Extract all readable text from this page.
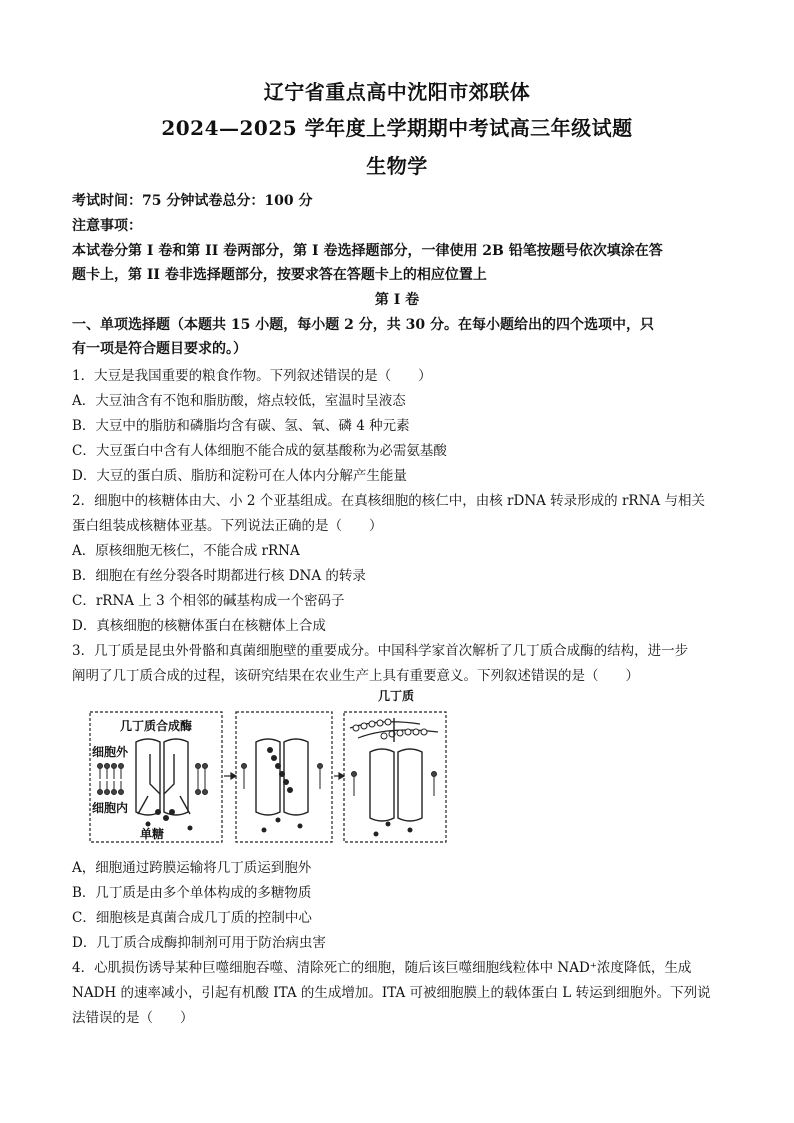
辽宁省重点高中沈阳市郊联体
2024—2025 学年度上学期期中考试高三年级试题
生物学
考试时间：75 分钟试卷总分：100 分
注意事项：
本试卷分第 I 卷和第 II 卷两部分，第 I 卷选择题部分，一律使用 2B 铅笔按题号依次填涂在答
题卡上，第 II 卷非选择题部分，按要求答在答题卡上的相应位置上
第 I 卷
一、单项选择题（本题共 15 小题，每小题 2 分，共 30 分。在每小题给出的四个选项中，只
有一项是符合题目要求的。）
1．大豆是我国重要的粮食作物。下列叙述错误的是（　　）
A．大豆油含有不饱和脂肪酸，熔点较低，室温时呈液态
B．大豆中的脂肪和磷脂均含有碳、氢、氧、磷 4 种元素
C．大豆蛋白中含有人体细胞不能合成的氨基酸称为必需氨基酸
D．大豆的蛋白质、脂肪和淀粉可在人体内分解产生能量
2．细胞中的核糖体由大、小 2 个亚基组成。在真核细胞的核仁中，由核 rDNA 转录形成的 rRNA 与相关
蛋白组装成核糖体亚基。下列说法正确的是（　　）
A．原核细胞无核仁，不能合成 rRNA
B．细胞在有丝分裂各时期都进行核 DNA 的转录
C．rRNA 上 3 个相邻的碱基构成一个密码子
D．真核细胞的核糖体蛋白在核糖体上合成
3．几丁质是昆虫外骨骼和真菌细胞壁的重要成分。中国科学家首次解析了几丁质合成酶的结构，进一步
阐明了几丁质合成的过程，该研究结果在农业生产上具有重要意义。下列叙述错误的是（　　）
几丁质合成酶
细胞外
细胞内
单糖
几丁质
A，细胞通过跨膜运输将几丁质运到胞外
B．几丁质是由多个单体构成的多糖物质
C．细胞核是真菌合成几丁质的控制中心
D．几丁质合成酶抑制剂可用于防治病虫害
4．心肌损伤诱导某种巨噬细胞吞噬、清除死亡的细胞，随后该巨噬细胞线粒体中 NAD⁺浓度降低，生成
NADH 的速率减小，引起有机酸 ITA 的生成增加。ITA 可被细胞膜上的载体蛋白 L 转运到细胞外。下列说
法错误的是（　　）
